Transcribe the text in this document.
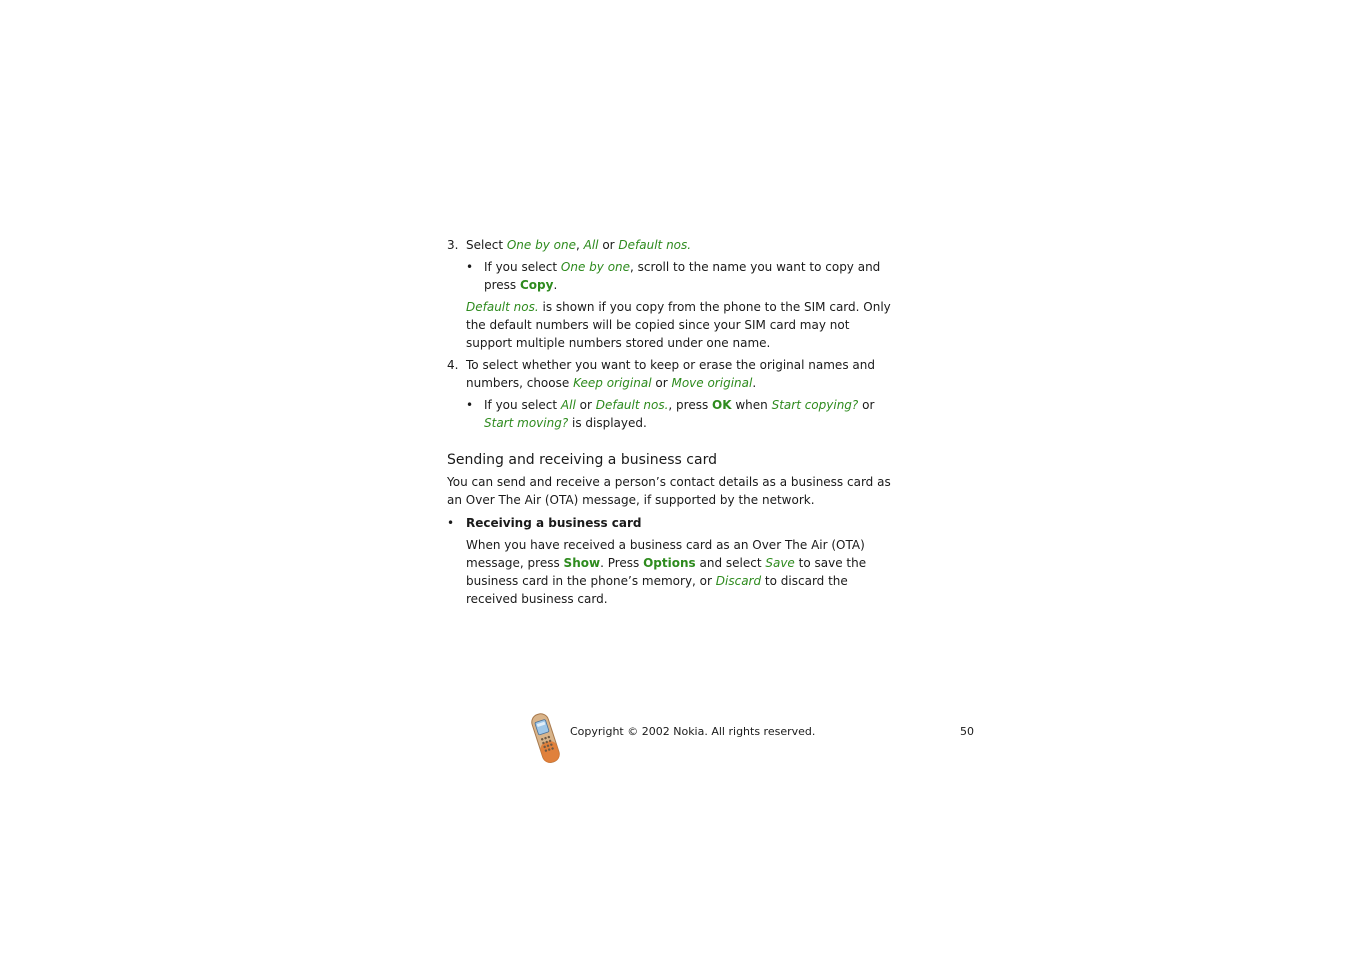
3. Select One by one, All or Default nos.

• If you select One by one, scroll to the name you want to copy and press Copy.

Default nos. is shown if you copy from the phone to the SIM card. Only the default numbers will be copied since your SIM card may not support multiple numbers stored under one name.

4. To select whether you want to keep or erase the original names and numbers, choose Keep original or Move original.

• If you select All or Default nos., press OK when Start copying? or Start moving? is displayed.

Sending and receiving a business card

You can send and receive a person’s contact details as a business card as an Over The Air (OTA) message, if supported by the network.

• Receiving a business card

When you have received a business card as an Over The Air (OTA) message, press Show. Press Options and select Save to save the business card in the phone’s memory, or Discard to discard the received business card.

Copyright © 2002 Nokia. All rights reserved.	50
